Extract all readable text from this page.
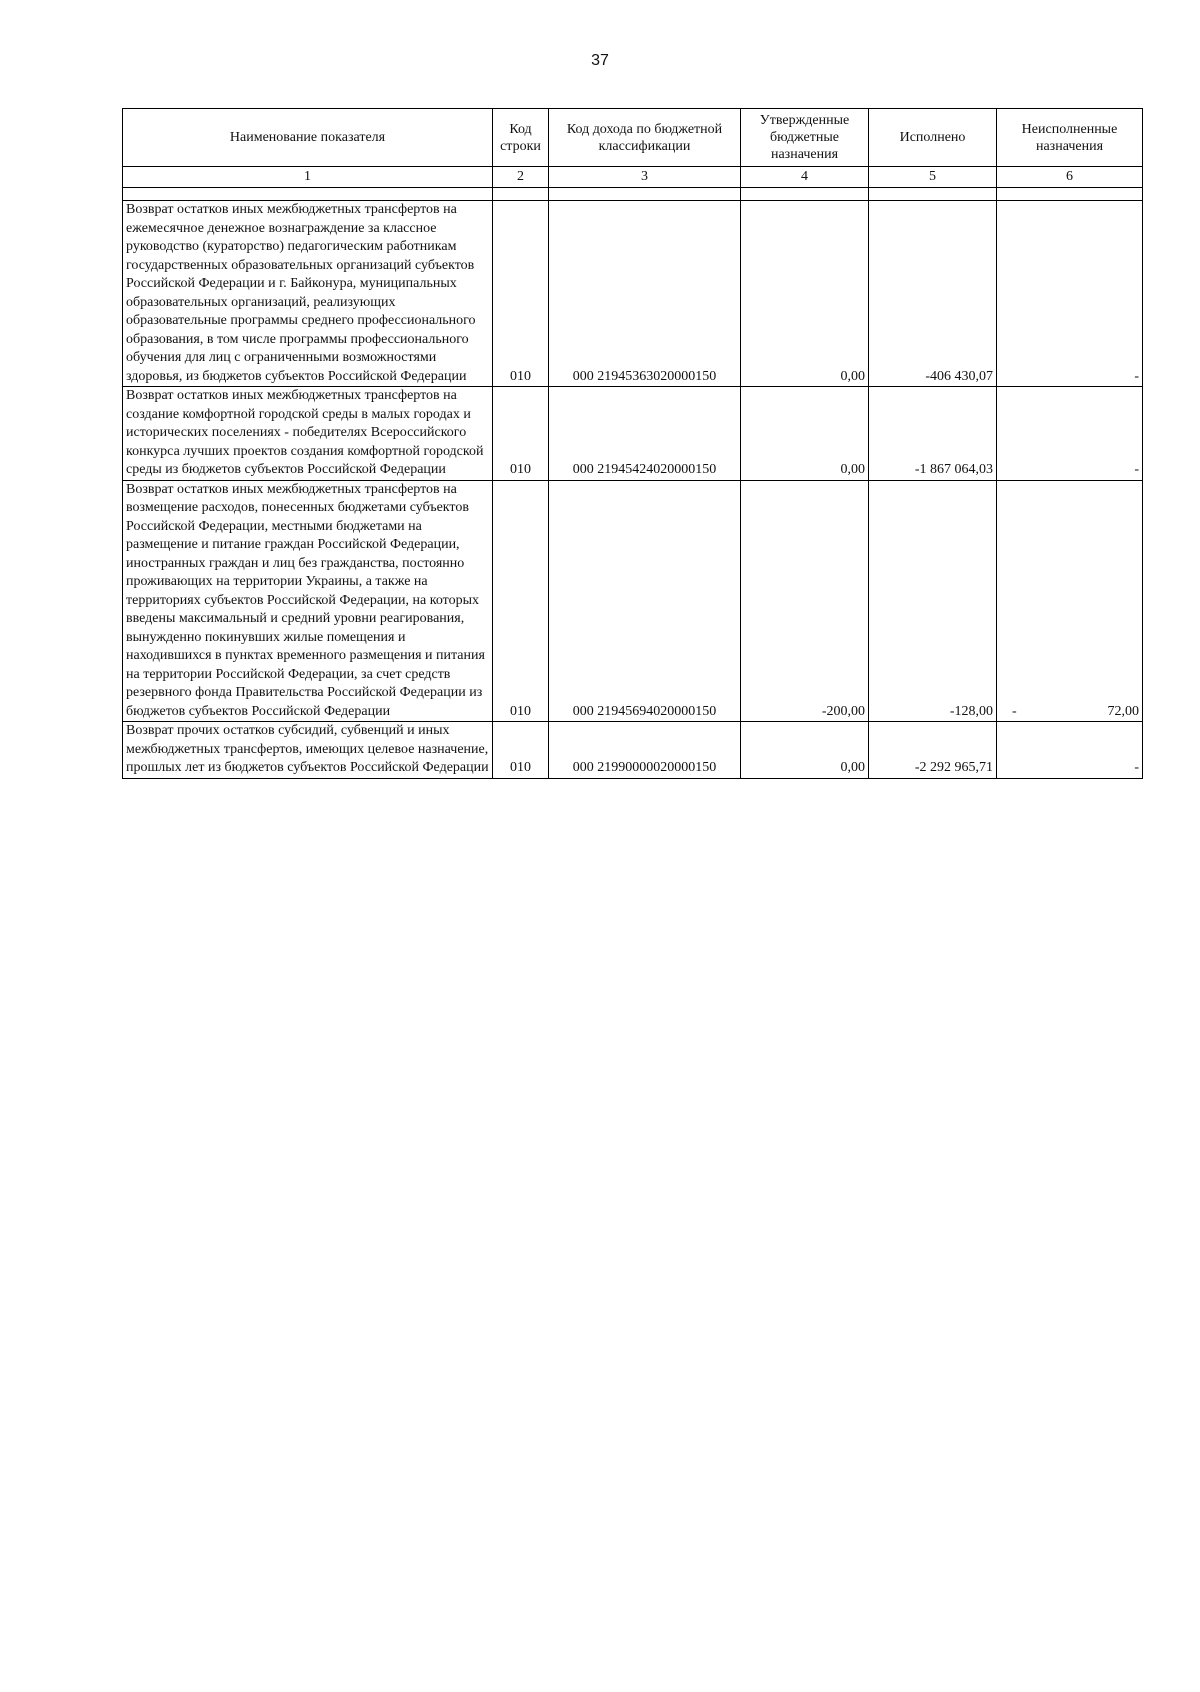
37
Наименование показателя	Код строки	Код дохода по бюджетной классификации	Утвержденные бюджетные назначения	Исполнено	Неисполненные назначения
1	2	3	4	5	6

Возврат остатков иных межбюджетных трансфертов на ежемесячное денежное вознаграждение за классное руководство (кураторство) педагогическим работникам государственных образовательных организаций субъектов Российской Федерации и г. Байконура, муниципальных образовательных организаций, реализующих образовательные программы среднего профессионального образования, в том числе программы профессионального обучения для лиц с ограниченными возможностями здоровья, из бюджетов субъектов Российской Федерации	010	000 21945363020000150	0,00	-406 430,07	-

Возврат остатков иных межбюджетных трансфертов на создание комфортной городской среды в малых городах и исторических поселениях - победителях Всероссийского конкурса лучших проектов создания комфортной городской среды из бюджетов субъектов Российской Федерации	010	000 21945424020000150	0,00	-1 867 064,03	-

Возврат остатков иных межбюджетных трансфертов на возмещение расходов, понесенных бюджетами субъектов Российской Федерации, местными бюджетами на размещение и питание граждан Российской Федерации, иностранных граждан и лиц без гражданства, постоянно проживающих на территории Украины, а также на территориях субъектов Российской Федерации, на которых введены максимальный и средний уровни реагирования, вынужденно покинувших жилые помещения и находившихся в пунктах временного размещения и питания на территории Российской Федерации, за счет средств резервного фонда Правительства Российской Федерации из бюджетов субъектов Российской Федерации	010	000 21945694020000150	-200,00	-128,00	- 72,00

Возврат прочих остатков субсидий, субвенций и иных межбюджетных трансфертов, имеющих целевое назначение, прошлых лет из бюджетов субъектов Российской Федерации	010	000 21990000020000150	0,00	-2 292 965,71	-
